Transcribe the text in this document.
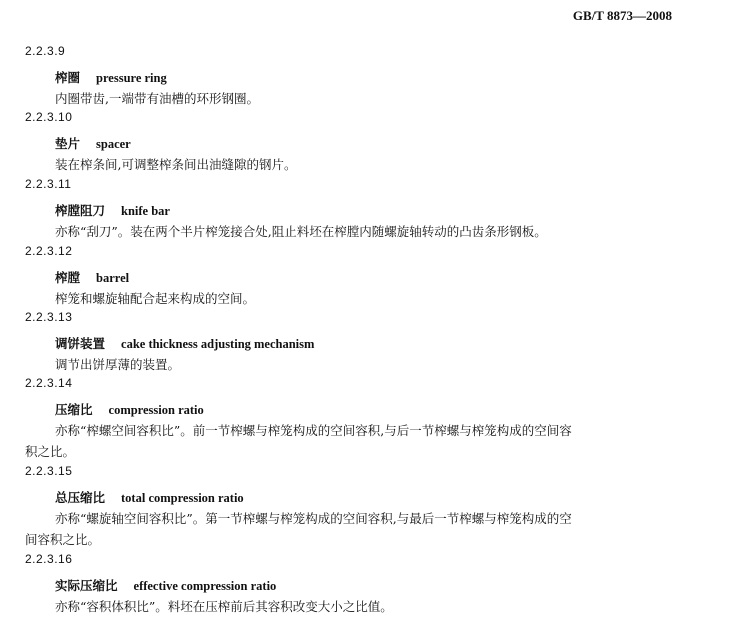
GB/T 8873—2008
2.2.3.9
榨圈 pressure ring
内圈带齿,一端带有油槽的环形钢圈。
2.2.3.10
垫片 spacer
装在榨条间,可调整榨条间出油缝隙的钢片。
2.2.3.11
榨膛阻刀 knife bar
亦称“刮刀”。装在两个半片榨笼接合处,阻止料坯在榨膛内随螺旋轴转动的凸齿条形钢板。
2.2.3.12
榨膛 barrel
榨笼和螺旋轴配合起来构成的空间。
2.2.3.13
调饼装置 cake thickness adjusting mechanism
调节出饼厚薄的装置。
2.2.3.14
压缩比 compression ratio
亦称“榨螺空间容积比”。前一节榨螺与榨笼构成的空间容积,与后一节榨螺与榨笼构成的空间容
积之比。
2.2.3.15
总压缩比 total compression ratio
亦称“螺旋轴空间容积比”。第一节榨螺与榨笼构成的空间容积,与最后一节榨螺与榨笼构成的空
间容积之比。
2.2.3.16
实际压缩比 effective compression ratio
亦称“容积体积比”。料坯在压榨前后其容积改变大小之比值。
